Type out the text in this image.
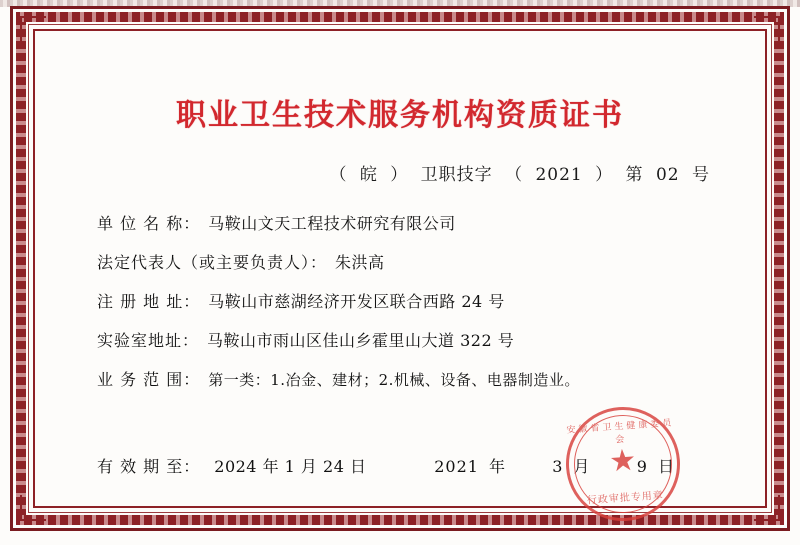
职业卫生技术服务机构资质证书
（ 皖 ） 卫职技字 （ 2021 ） 第 02 号
单 位 名 称： 马鞍山文天工程技术研究有限公司
法定代表人（或主要负责人）： 朱洪高
注 册 地 址： 马鞍山市慈湖经济开发区联合西路 24 号
实验室地址： 马鞍山市雨山区佳山乡霍里山大道 322 号
业 务 范 围： 第一类：1.冶金、建材；2.机械、设备、电器制造业。
有 效 期 至： 2024 年 1 月 24 日	2021 年	3 月	9 日
安徽省卫生健康委员会
★
行政审批专用章
